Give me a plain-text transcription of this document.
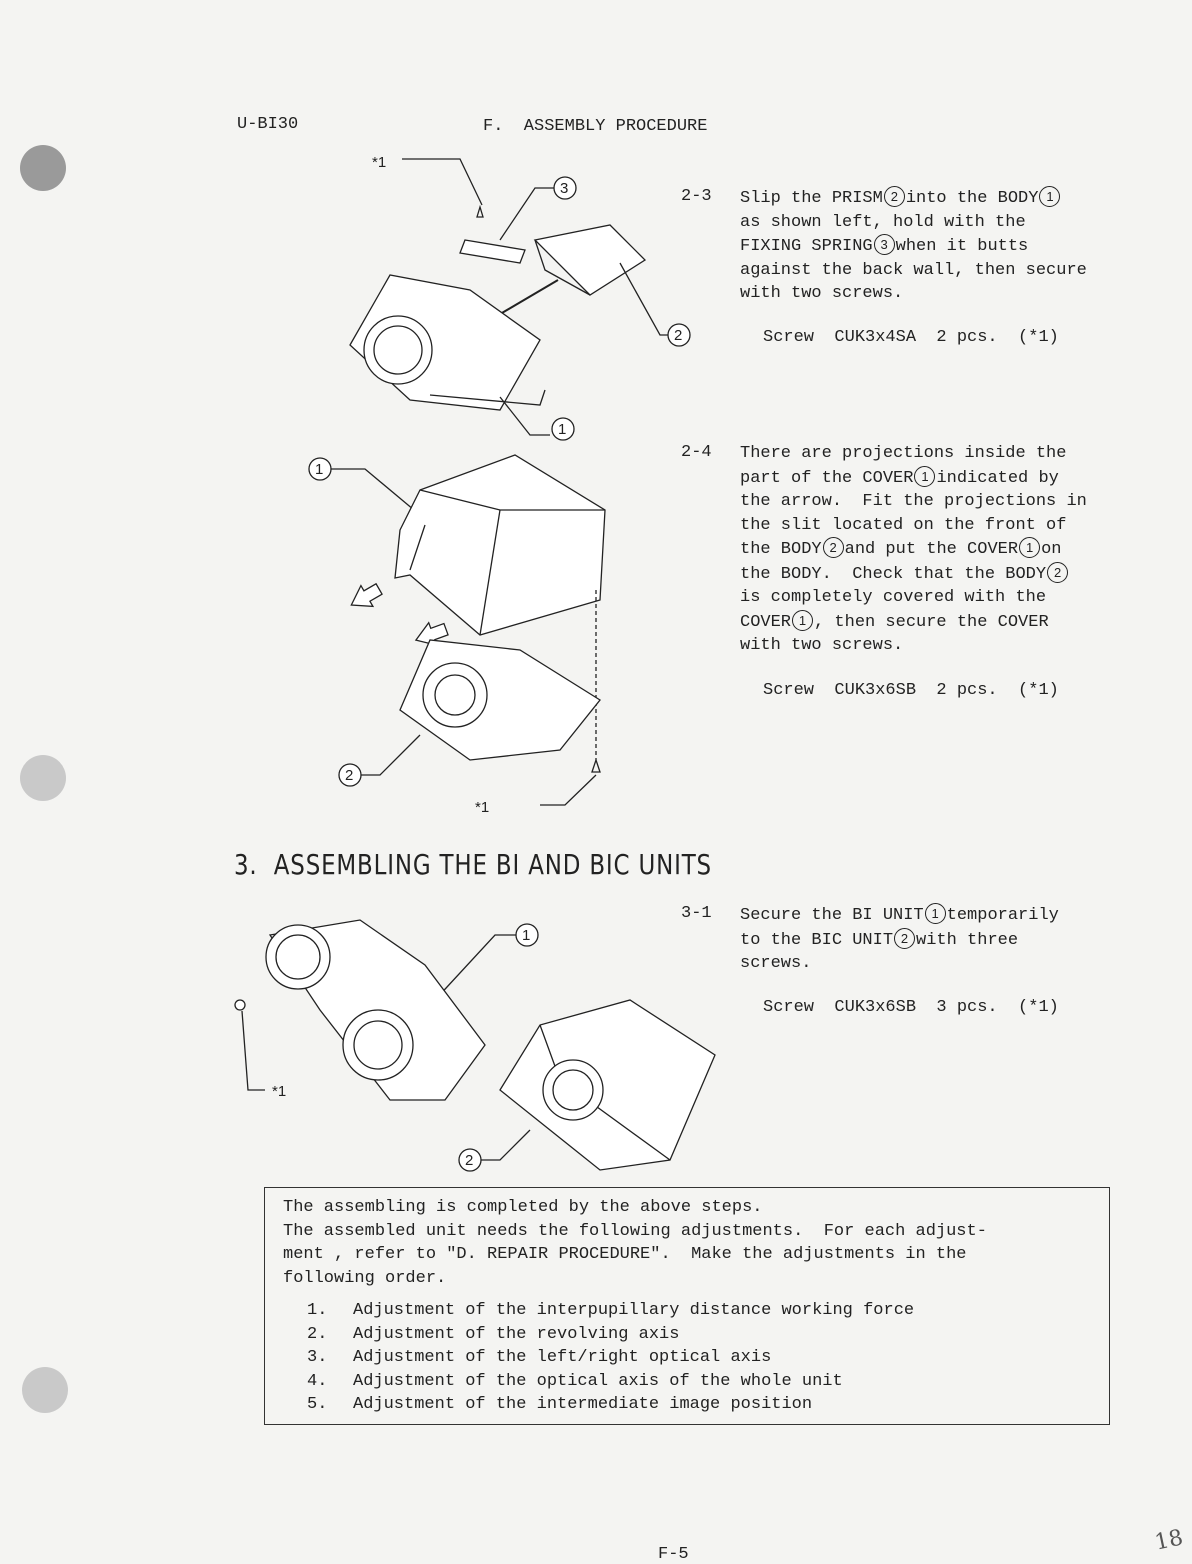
U-BI30	F.  ASSEMBLY PROCEDURE
2-3 Slip the PRISM 2 into the BODY 1
as shown left, hold with the
FIXING SPRING 3 when it butts
against the back wall, then secure
with two screws.
Screw  CUK3x4SA  2 pcs.  (*1)
2-4 There are projections inside the
part of the COVER 1 indicated by
the arrow.  Fit the projections in
the slit located on the front of
the BODY 2 and put the COVER 1 on
the BODY.  Check that the BODY 2
is completely covered with the
COVER 1 , then secure the COVER
with two screws.
Screw  CUK3x6SB  2 pcs.  (*1)
3.  ASSEMBLING THE BI AND BIC UNITS
3-1 Secure the BI UNIT 1 temporarily
to the BIC UNIT 2 with three
screws.
Screw  CUK3x6SB  3 pcs.  (*1)
*1
3
1
2
1
2
*1
1
*1
2
The assembling is completed by the above steps.
The assembled unit needs the following adjustments.  For each adjust-
ment , refer to "D. REPAIR PROCEDURE".  Make the adjustments in the
following order.
1. Adjustment of the interpupillary distance working force
2. Adjustment of the revolving axis
3. Adjustment of the left/right optical axis
4. Adjustment of the optical axis of the whole unit
5. Adjustment of the intermediate image position
F-5	18
